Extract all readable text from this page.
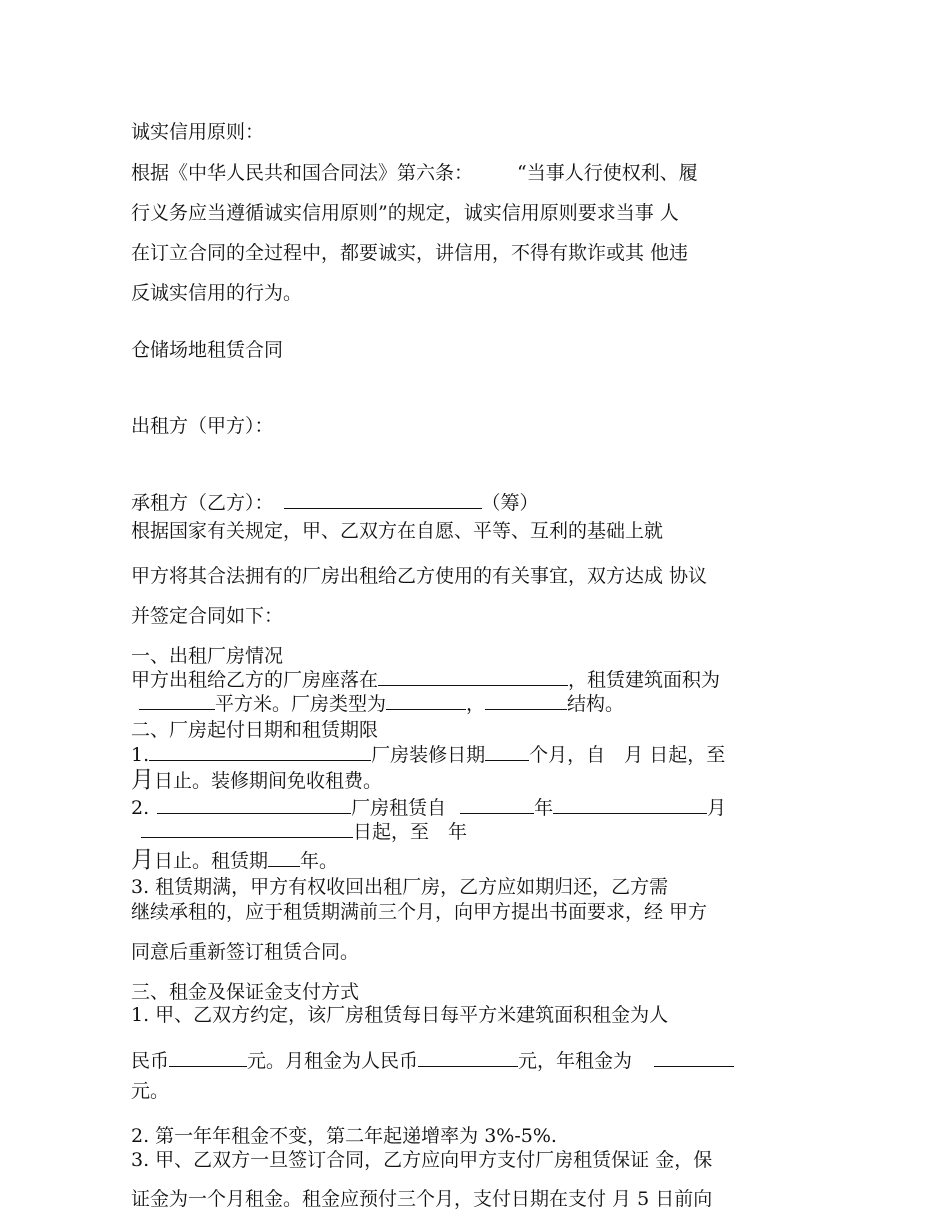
诚实信用原则：
根据《中华人民共和国合同法》第六条： “当事人行使权利、履
行义务应当遵循诚实信用原则”的规定，诚实信用原则要求当事 人
在订立合同的全过程中，都要诚实，讲信用，不得有欺诈或其 他违
反诚实信用的行为。
仓储场地租赁合同
出租方（甲方）：
承租方（乙方）：	（筹）
根据国家有关规定，甲、乙双方在自愿、平等、互利的基础上就
甲方将其合法拥有的厂房出租给乙方使用的有关事宜，双方达成 协议
并签定合同如下：
一、出租厂房情况
甲方出租给乙方的厂房座落在	，租赁建筑面积为
平方米。厂房类型为	，	结构。
二、厂房起付日期和租赁期限
1.	厂房装修日期 个月，自　月 日起，至
月日止。装修期间免收租费。
2.	厂房租赁自	年	月
日起，至　年
月日止。租赁期 年。
3. 租赁期满，甲方有权收回出租厂房，乙方应如期归还，乙方需
继续承租的，应于租赁期满前三个月，向甲方提出书面要求，经 甲方
同意后重新签订租赁合同。
三、租金及保证金支付方式
1. 甲、乙双方约定，该厂房租赁每日每平方米建筑面积租金为人
民币	元。月租金为人民币	元，年租金为
元。
2. 第一年年租金不变，第二年起递增率为 3%-5%.
3. 甲、乙双方一旦签订合同，乙方应向甲方支付厂房租赁保证 金，保
证金为一个月租金。租金应预付三个月，支付日期在支付 月 5 日前向
